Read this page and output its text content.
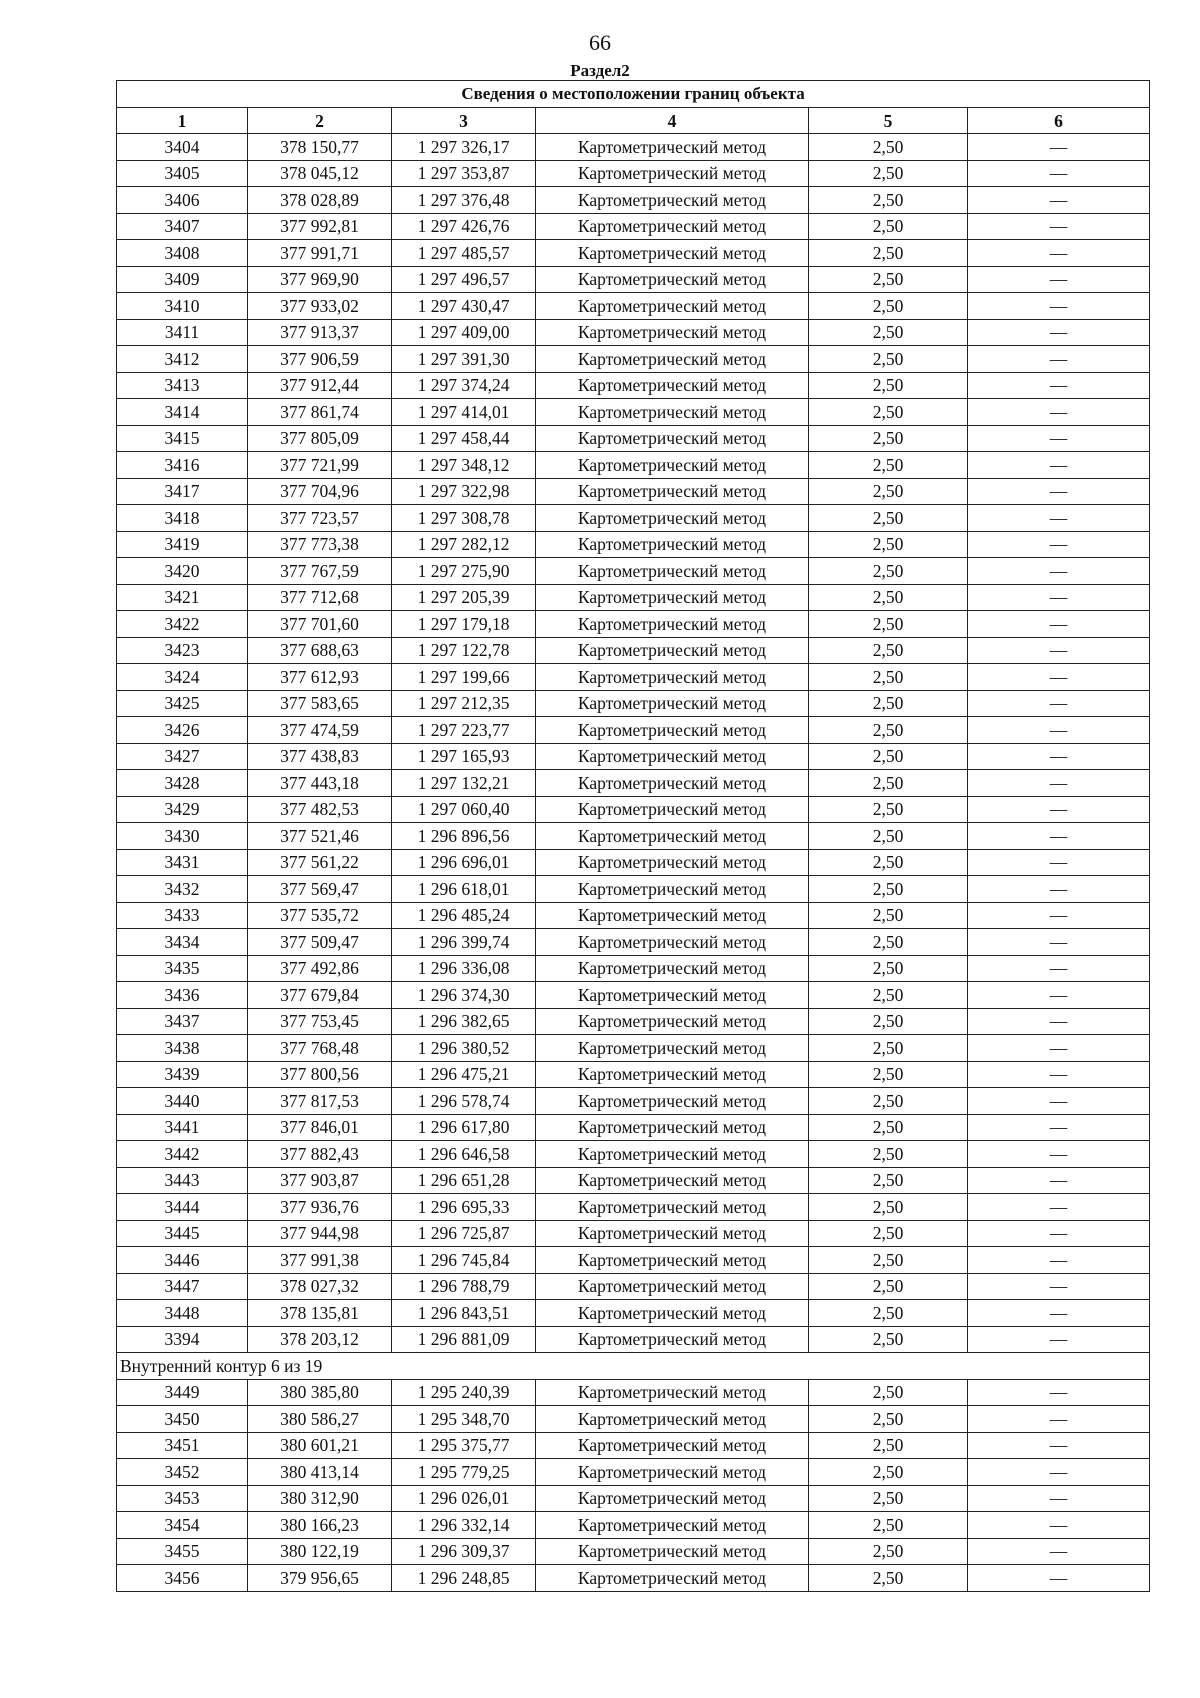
66
Раздел2
Сведения о местоположении границ объекта					
1	2	3	4	5	6
3404	378 150,77	1 297 326,17	Картометрический метод	2,50	—
3405	378 045,12	1 297 353,87	Картометрический метод	2,50	—
3406	378 028,89	1 297 376,48	Картометрический метод	2,50	—
3407	377 992,81	1 297 426,76	Картометрический метод	2,50	—
3408	377 991,71	1 297 485,57	Картометрический метод	2,50	—
3409	377 969,90	1 297 496,57	Картометрический метод	2,50	—
3410	377 933,02	1 297 430,47	Картометрический метод	2,50	—
3411	377 913,37	1 297 409,00	Картометрический метод	2,50	—
3412	377 906,59	1 297 391,30	Картометрический метод	2,50	—
3413	377 912,44	1 297 374,24	Картометрический метод	2,50	—
3414	377 861,74	1 297 414,01	Картометрический метод	2,50	—
3415	377 805,09	1 297 458,44	Картометрический метод	2,50	—
3416	377 721,99	1 297 348,12	Картометрический метод	2,50	—
3417	377 704,96	1 297 322,98	Картометрический метод	2,50	—
3418	377 723,57	1 297 308,78	Картометрический метод	2,50	—
3419	377 773,38	1 297 282,12	Картометрический метод	2,50	—
3420	377 767,59	1 297 275,90	Картометрический метод	2,50	—
3421	377 712,68	1 297 205,39	Картометрический метод	2,50	—
3422	377 701,60	1 297 179,18	Картометрический метод	2,50	—
3423	377 688,63	1 297 122,78	Картометрический метод	2,50	—
3424	377 612,93	1 297 199,66	Картометрический метод	2,50	—
3425	377 583,65	1 297 212,35	Картометрический метод	2,50	—
3426	377 474,59	1 297 223,77	Картометрический метод	2,50	—
3427	377 438,83	1 297 165,93	Картометрический метод	2,50	—
3428	377 443,18	1 297 132,21	Картометрический метод	2,50	—
3429	377 482,53	1 297 060,40	Картометрический метод	2,50	—
3430	377 521,46	1 296 896,56	Картометрический метод	2,50	—
3431	377 561,22	1 296 696,01	Картометрический метод	2,50	—
3432	377 569,47	1 296 618,01	Картометрический метод	2,50	—
3433	377 535,72	1 296 485,24	Картометрический метод	2,50	—
3434	377 509,47	1 296 399,74	Картометрический метод	2,50	—
3435	377 492,86	1 296 336,08	Картометрический метод	2,50	—
3436	377 679,84	1 296 374,30	Картометрический метод	2,50	—
3437	377 753,45	1 296 382,65	Картометрический метод	2,50	—
3438	377 768,48	1 296 380,52	Картометрический метод	2,50	—
3439	377 800,56	1 296 475,21	Картометрический метод	2,50	—
3440	377 817,53	1 296 578,74	Картометрический метод	2,50	—
3441	377 846,01	1 296 617,80	Картометрический метод	2,50	—
3442	377 882,43	1 296 646,58	Картометрический метод	2,50	—
3443	377 903,87	1 296 651,28	Картометрический метод	2,50	—
3444	377 936,76	1 296 695,33	Картометрический метод	2,50	—
3445	377 944,98	1 296 725,87	Картометрический метод	2,50	—
3446	377 991,38	1 296 745,84	Картометрический метод	2,50	—
3447	378 027,32	1 296 788,79	Картометрический метод	2,50	—
3448	378 135,81	1 296 843,51	Картометрический метод	2,50	—
3394	378 203,12	1 296 881,09	Картометрический метод	2,50	—
Внутренний контур 6 из 19					
3449	380 385,80	1 295 240,39	Картометрический метод	2,50	—
3450	380 586,27	1 295 348,70	Картометрический метод	2,50	—
3451	380 601,21	1 295 375,77	Картометрический метод	2,50	—
3452	380 413,14	1 295 779,25	Картометрический метод	2,50	—
3453	380 312,90	1 296 026,01	Картометрический метод	2,50	—
3454	380 166,23	1 296 332,14	Картометрический метод	2,50	—
3455	380 122,19	1 296 309,37	Картометрический метод	2,50	—
3456	379 956,65	1 296 248,85	Картометрический метод	2,50	—
